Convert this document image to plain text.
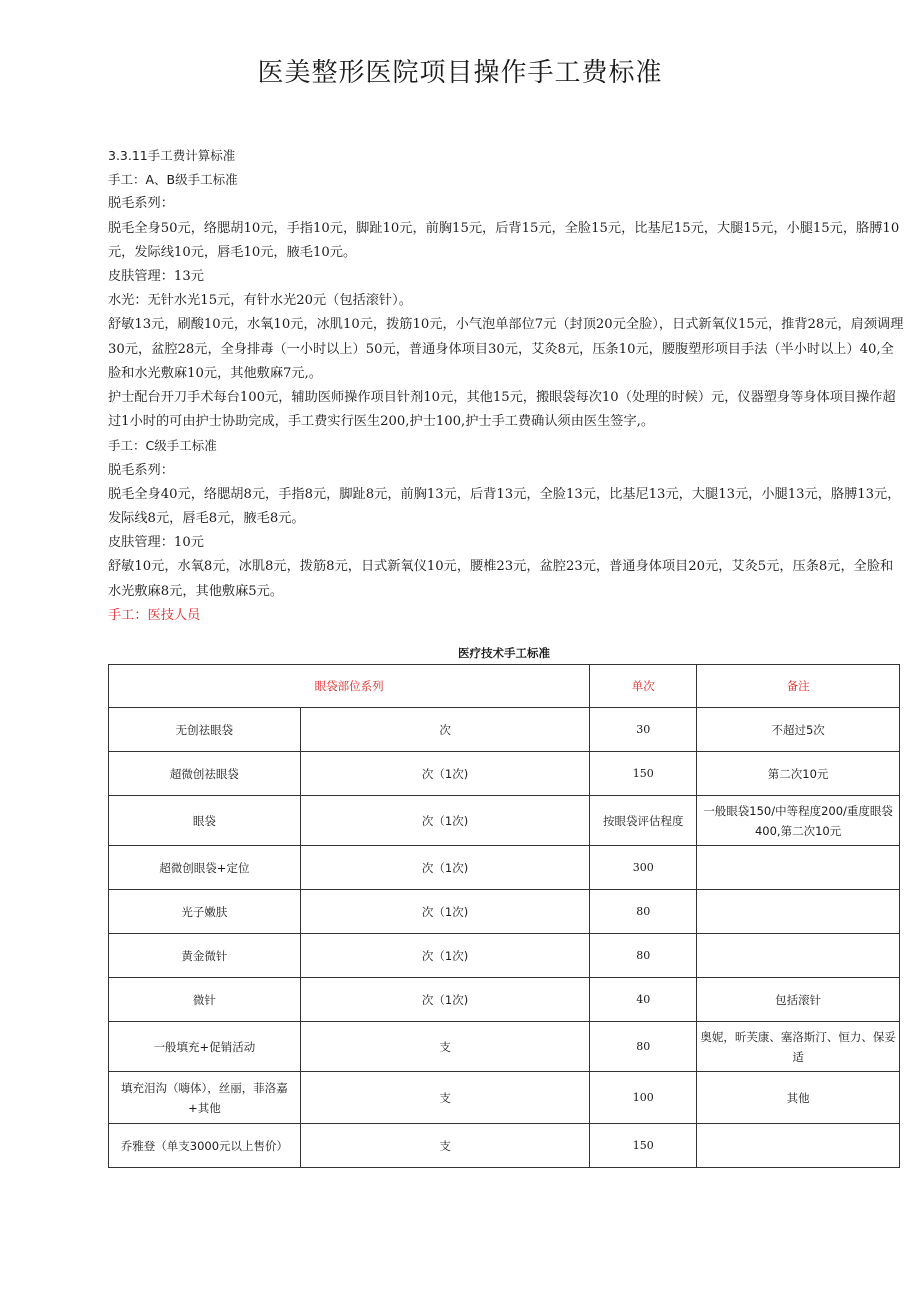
医美整形医院项目操作手工费标准

3.3.11手工费计算标准

手工：A、B级手工标准

脱毛系列：

脱毛全身50元，络腮胡10元，手指10元，脚趾10元，前胸15元，后背15元，全脸15元，比基尼15元，大腿15元，小腿15元，胳膊10元，发际线10元，唇毛10元，腋毛10元。

皮肤管理：13元

水光：无针水光15元，有针水光20元（包括滚针）。

舒敏13元，刷酸10元，水氧10元，冰肌10元，拨筋10元，小气泡单部位7元（封顶20元全脸），日式新氧仪15元，推背28元，肩颈调理30元，盆腔28元，全身排毒（一小时以上）50元，普通身体项目30元，艾灸8元，压条10元，腰腹塑形项目手法（半小时以上）40,全脸和水光敷麻10元，其他敷麻7元,。

护士配台开刀手术每台100元，辅助医师操作项目针剂10元，其他15元，搬眼袋每次10（处理的时候）元，仪器塑身等身体项目操作超过1小时的可由护士协助完成，手工费实行医生200,护士100,护士手工费确认须由医生签字,。

手工：C级手工标准

脱毛系列：

脱毛全身40元，络腮胡8元，手指8元，脚趾8元，前胸13元，后背13元，全脸13元，比基尼13元，大腿13元，小腿13元，胳膊13元，发际线8元，唇毛8元，腋毛8元。

皮肤管理：10元

舒敏10元，水氧8元，冰肌8元，拨筋8元，日式新氧仪10元，腰椎23元，盆腔23元，普通身体项目20元，艾灸5元，压条8元，全脸和水光敷麻8元，其他敷麻5元。

手工：医技人员

医疗技术手工标准
眼袋部位系列		单次	备注
无创祛眼袋	次	30	不超过5次
超微创祛眼袋	次（1次)	150	第二次10元
眼袋	次（1次)	按眼袋评估程度	一般眼袋150/中等程度200/重度眼袋400,第二次10元
超微创眼袋+定位	次（1次)	300	
光子嫩肤	次（1次)	80	
黄金微针	次（1次)	80	
微针	次（1次)	40	包括滚针
一般填充+促销活动	支	80	奥妮，昕芙康、塞洛斯汀、恒力、保妥适
填充泪沟（嗨体），丝丽，菲洛嘉+其他	支	100	其他
乔雅登（单支3000元以上售价）	支	150	
